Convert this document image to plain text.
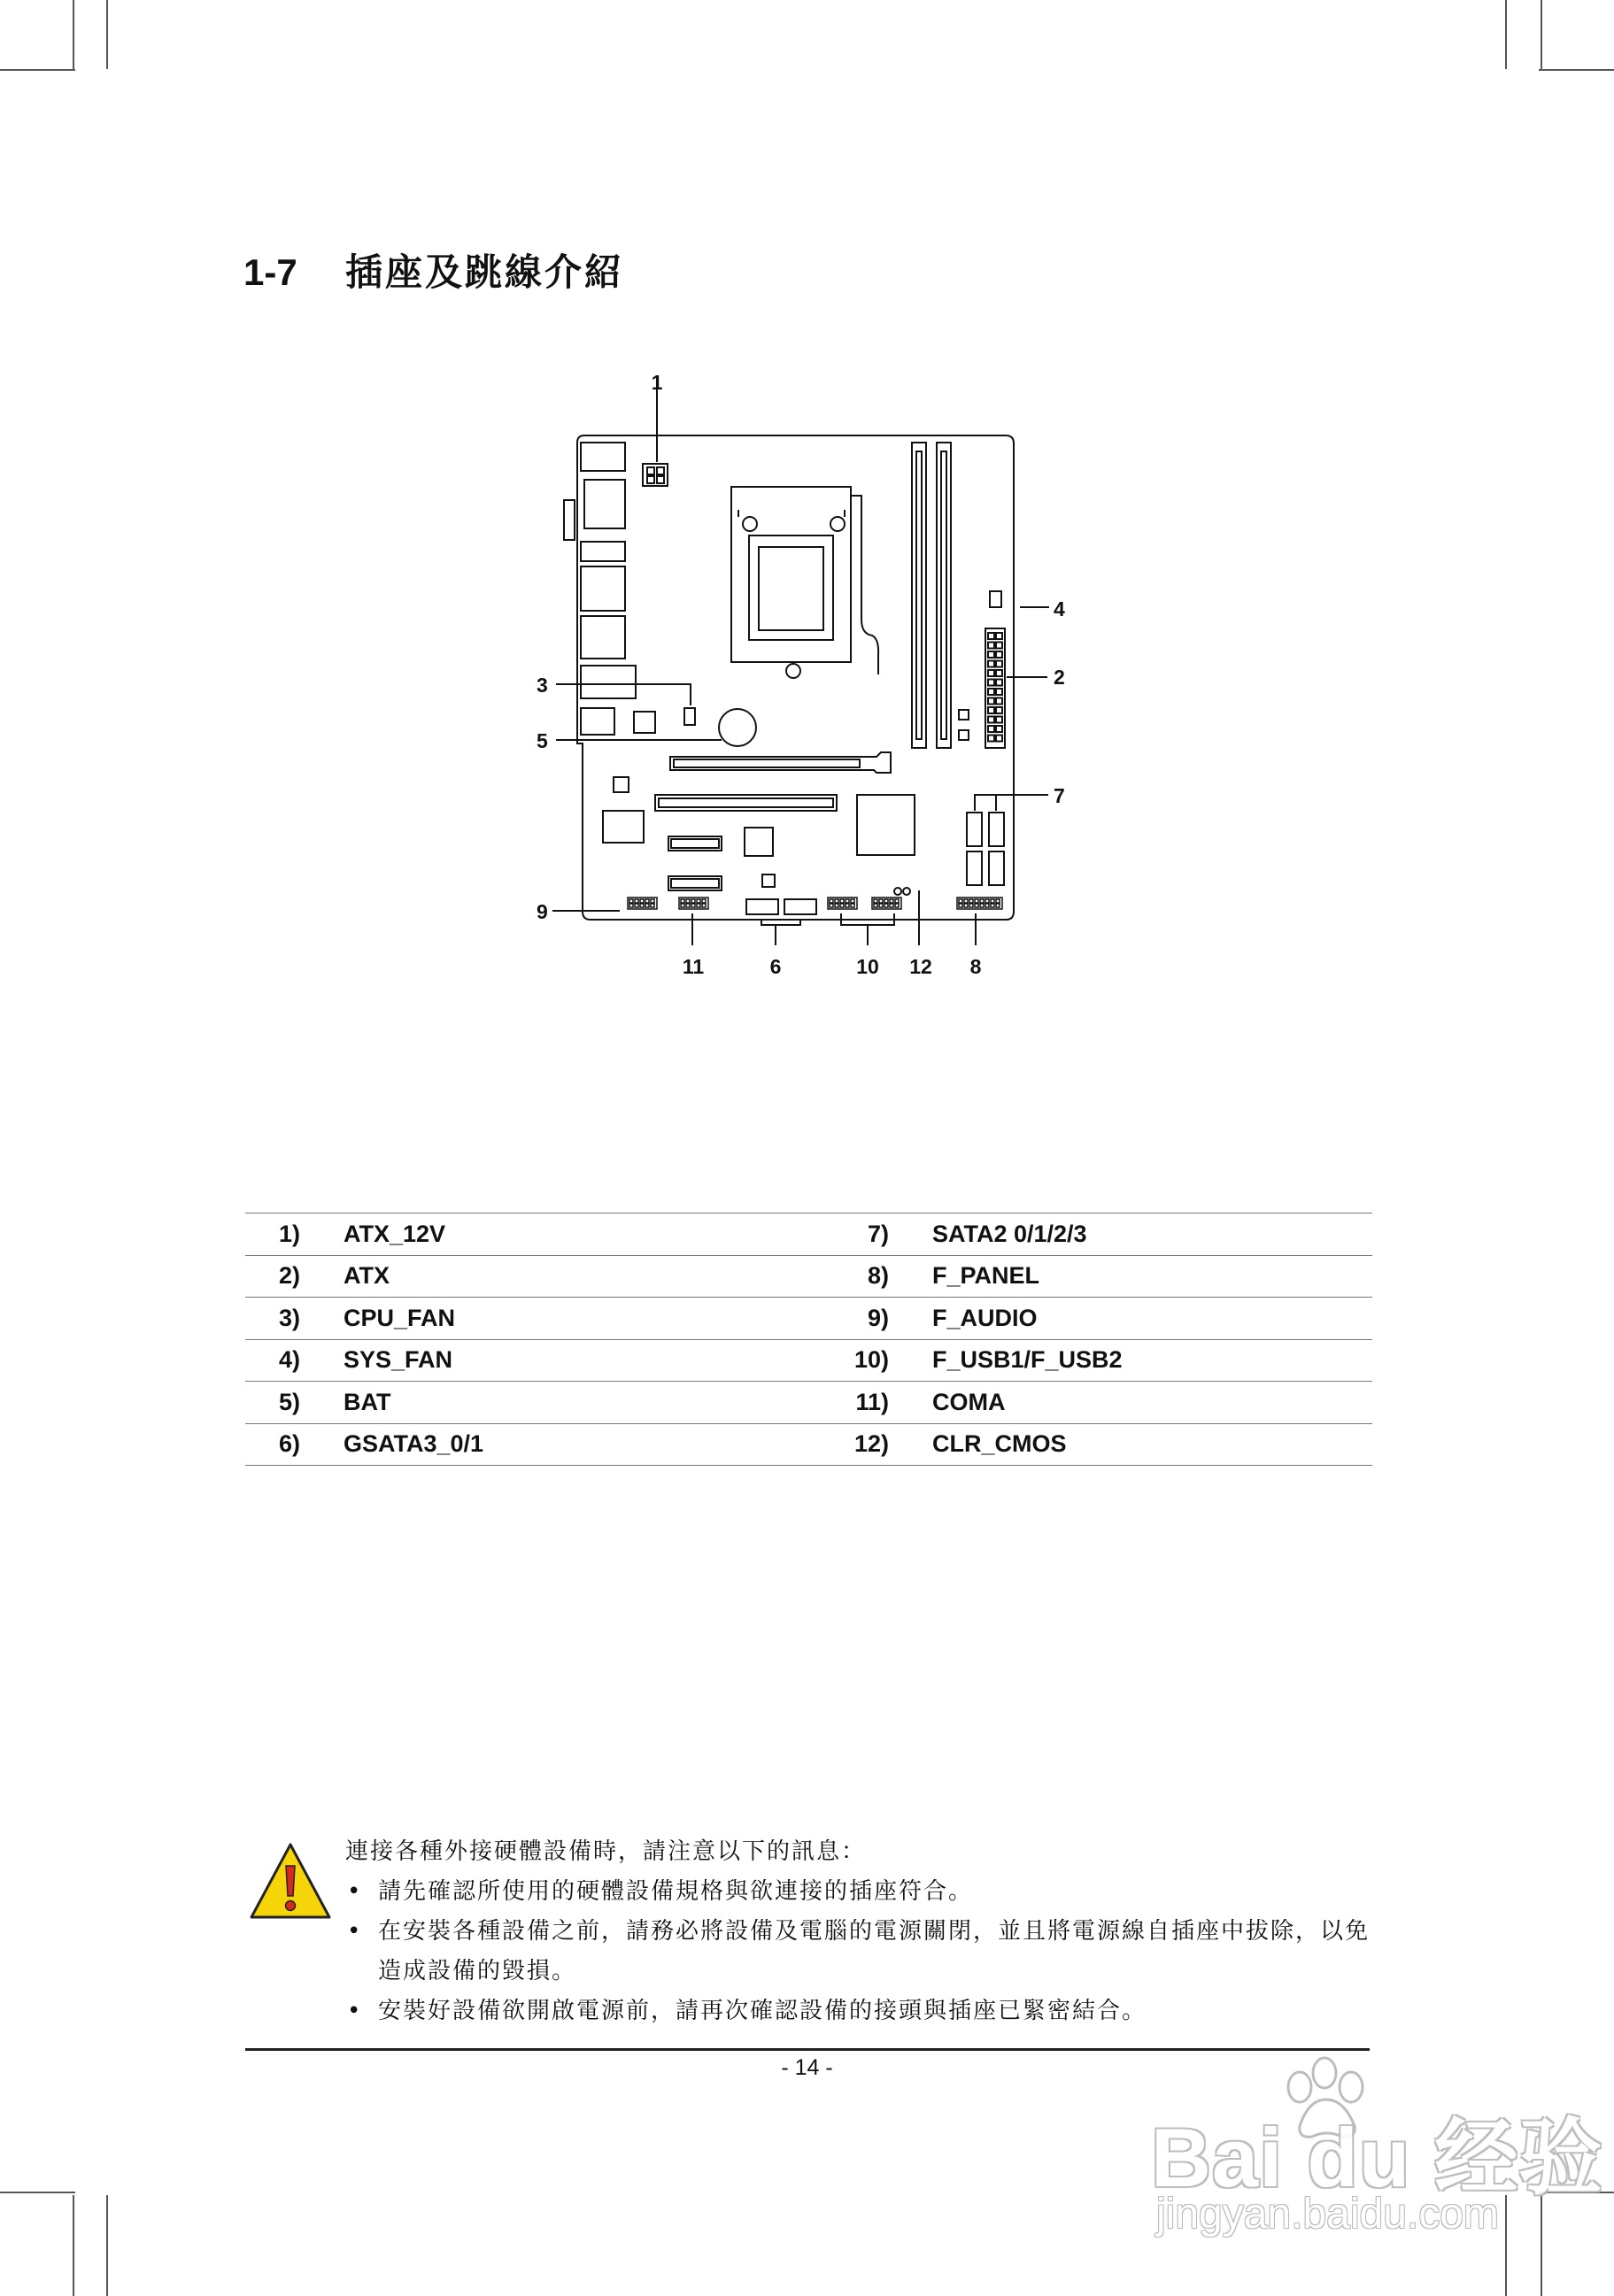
1-7 插座及跳線介紹
1
2
3
4
5
6
7
8
9
10
11	12
1)	ATX_12V	7)	SATA2 0/1/2/3
2)	ATX	8)	F_PANEL
3)	CPU_FAN	9)	F_AUDIO
4)	SYS_FAN	10)	F_USB1/F_USB2
5)	BAT	11)	COMA
6)	GSATA3_0/1	12)	CLR_CMOS

連接各種外接硬體設備時，請注意以下的訊息：

• 請先確認所使用的硬體設備規格與欲連接的插座符合。
• 在安裝各種設備之前，請務必將設備及電腦的電源關閉，並且將電源線自插座中拔除，以免造成設備的毀損。
• 安裝好設備欲開啟電源前，請再次確認設備的接頭與插座已緊密結合。
- 14 -
Bai du 经验
jingyan.baidu.com
